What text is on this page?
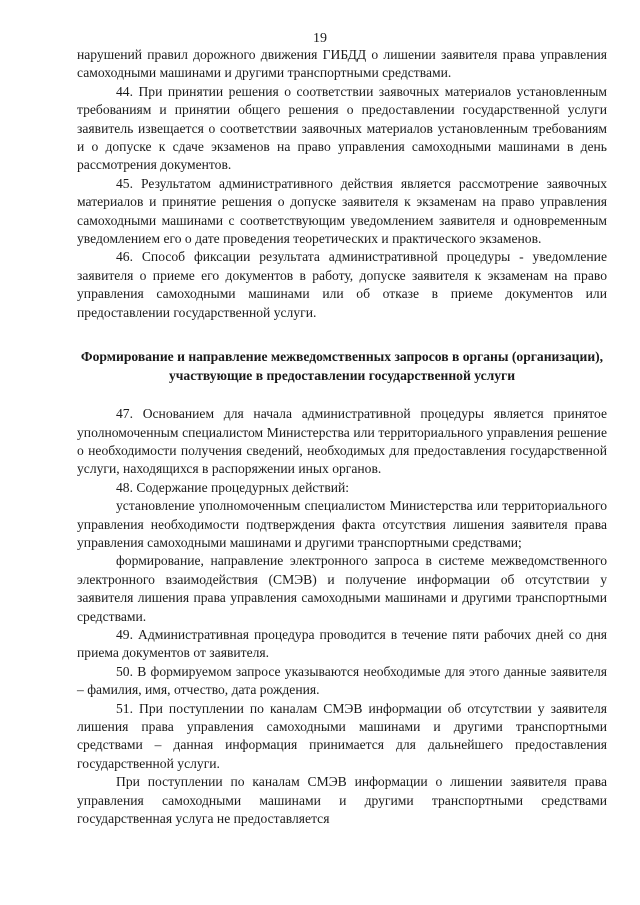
19

нарушений правил дорожного движения ГИБДД о лишении заявителя права управления самоходными машинами и другими транспортными средствами.

44. При принятии решения о соответствии заявочных материалов установленным требованиям и принятии общего решения о предоставлении государственной услуги заявитель извещается о соответствии заявочных материалов установленным требованиям и о допуске к сдаче экзаменов на право управления самоходными машинами в день рассмотрения документов.

45. Результатом административного действия является рассмотрение заявочных материалов и принятие решения о допуске заявителя к экзаменам на право управления самоходными машинами с соответствующим уведомлением заявителя и одновременным уведомлением его о дате проведения теоретических и практического экзаменов.

46. Способ фиксации результата административной процедуры - уведомление заявителя о приеме его документов в работу, допуске заявителя к экзаменам на право управления самоходными машинами или об отказе в приеме документов или предоставлении государственной услуги.

Формирование и направление межведомственных запросов в органы (организации), участвующие в предоставлении государственной услуги

47. Основанием для начала административной процедуры является принятое уполномоченным специалистом Министерства или территориального управления решение о необходимости получения сведений, необходимых для предоставления государственной услуги, находящихся в распоряжении иных органов.

48. Содержание процедурных действий:

установление уполномоченным специалистом Министерства или территориального управления необходимости подтверждения факта отсутствия лишения заявителя права управления самоходными машинами и другими транспортными средствами;

формирование, направление электронного запроса в системе межведомственного электронного взаимодействия (СМЭВ) и получение информации об отсутствии у заявителя лишения права управления самоходными машинами и другими транспортными средствами.

49. Административная процедура проводится в течение пяти рабочих дней со дня приема документов от заявителя.

50. В формируемом запросе указываются необходимые для этого данные заявителя – фамилия, имя, отчество, дата рождения.

51. При поступлении по каналам СМЭВ информации об отсутствии у заявителя лишения права управления самоходными машинами и другими транспортными средствами – данная информация принимается для дальнейшего предоставления государственной услуги.

При поступлении по каналам СМЭВ информации о лишении заявителя права управления самоходными машинами и другими транспортными средствами государственная услуга не предоставляется
